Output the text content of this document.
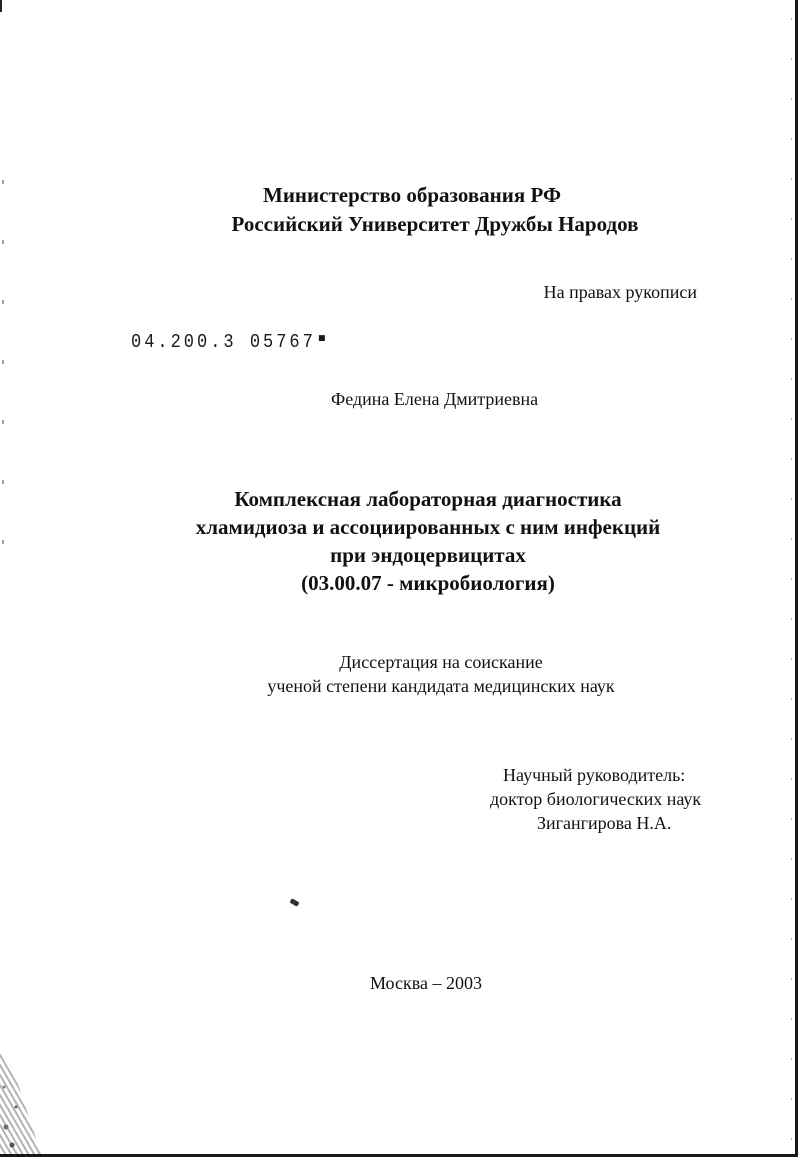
Министерство образования РФ
Российский Университет Дружбы Народов
На правах рукописи
04.200.3 05767 ▀
Федина Елена Дмитриевна
Комплексная лабораторная диагностика
хламидиоза и ассоциированных с ним инфекций
при эндоцервицитах
(03.00.07 - микробиология)
Диссертация на соискание
ученой степени кандидата медицинских наук
Научный руководитель:
доктор биологических наук
Зигангирова Н.А.
Москва – 2003
